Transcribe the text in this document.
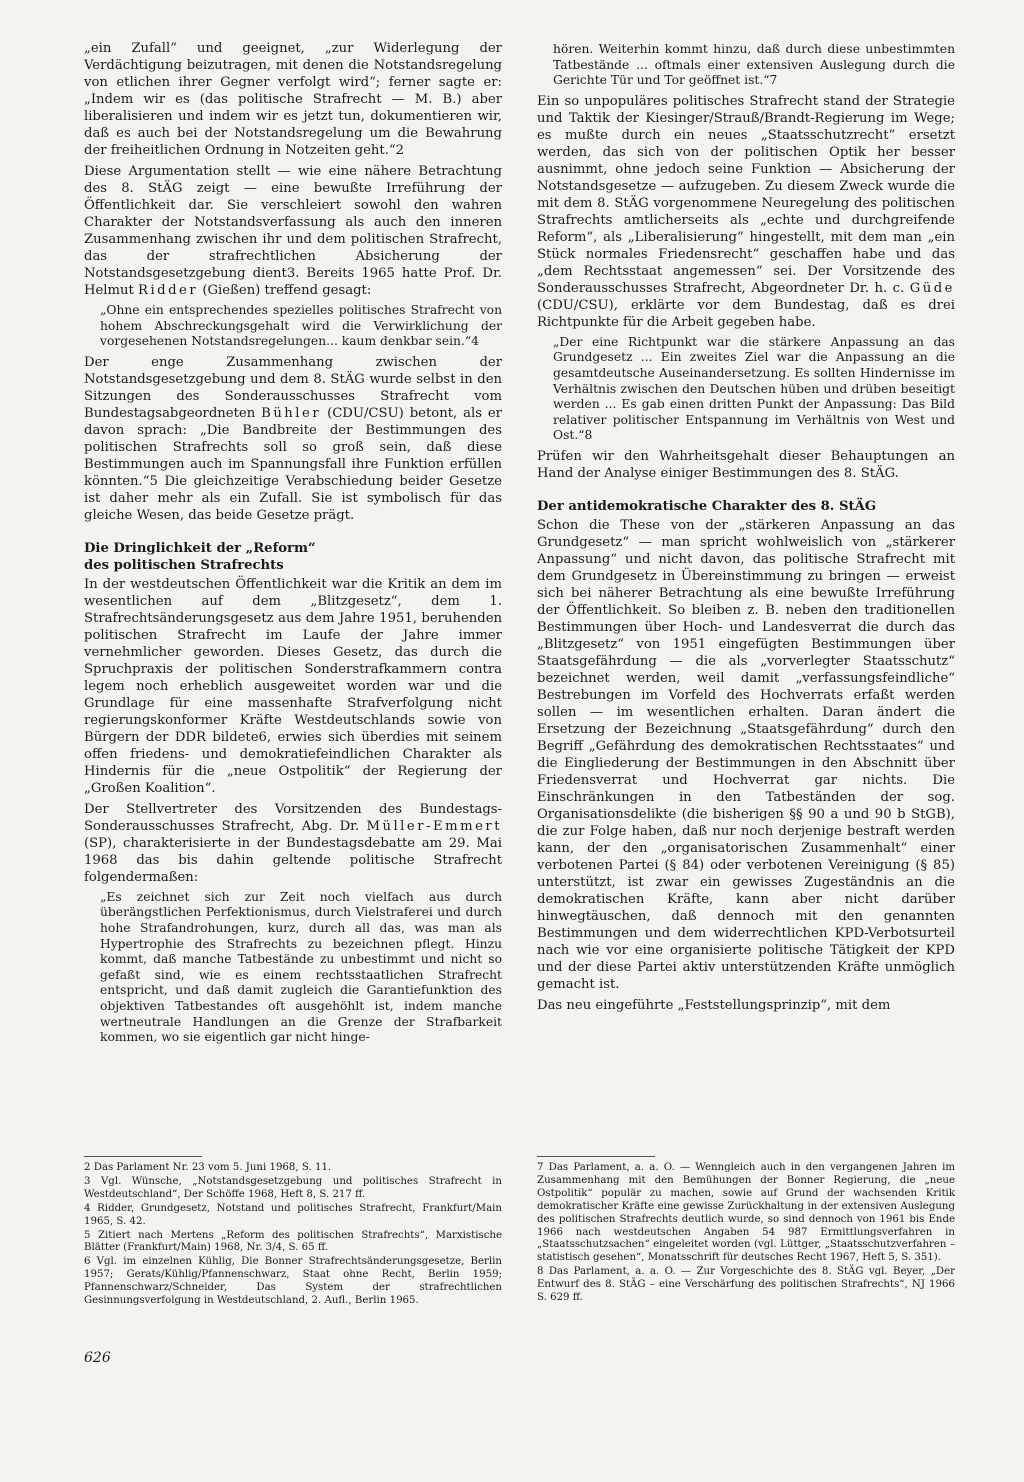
„ein Zufall“ und geeignet, „zur Widerlegung der Verdächtigung beizutragen, mit denen die Notstandsregelung von etlichen ihrer Gegner verfolgt wird“; ferner sagte er: „Indem wir es (das politische Strafrecht — M. B.) aber liberalisieren und indem wir es jetzt tun, dokumentieren wir, daß es auch bei der Notstandsregelung um die Bewahrung der freiheitlichen Ordnung in Notzeiten geht.“2

Diese Argumentation stellt — wie eine nähere Betrachtung des 8. StÄG zeigt — eine bewußte Irreführung der Öffentlichkeit dar. Sie verschleiert sowohl den wahren Charakter der Notstandsverfassung als auch den inneren Zusammenhang zwischen ihr und dem politischen Strafrecht, das der strafrechtlichen Absicherung der Notstandsgesetzgebung dient3. Bereits 1965 hatte Prof. Dr. Helmut Ridder (Gießen) treffend gesagt:

„Ohne ein entsprechendes spezielles politisches Strafrecht von hohem Abschreckungsgehalt wird die Verwirklichung der vorgesehenen Notstandsregelungen... kaum denkbar sein.“4

Der enge Zusammenhang zwischen der Notstandsgesetzgebung und dem 8. StÄG wurde selbst in den Sitzungen des Sonderausschusses Strafrecht vom Bundestagsabgeordneten Bühler (CDU/CSU) betont, als er davon sprach: „Die Bandbreite der Bestimmungen des politischen Strafrechts soll so groß sein, daß diese Bestimmungen auch im Spannungsfall ihre Funktion erfüllen könnten.“5 Die gleichzeitige Verabschiedung beider Gesetze ist daher mehr als ein Zufall. Sie ist symbolisch für das gleiche Wesen, das beide Gesetze prägt.

Die Dringlichkeit der „Reform“
des politischen Strafrechts

In der westdeutschen Öffentlichkeit war die Kritik an dem im wesentlichen auf dem „Blitzgesetz“, dem 1. Strafrechtsänderungsgesetz aus dem Jahre 1951, beruhenden politischen Strafrecht im Laufe der Jahre immer vernehmlicher geworden. Dieses Gesetz, das durch die Spruchpraxis der politischen Sonderstrafkammern contra legem noch erheblich ausgeweitet worden war und die Grundlage für eine massenhafte Strafverfolgung nicht regierungskonformer Kräfte Westdeutschlands sowie von Bürgern der DDR bildete6, erwies sich überdies mit seinem offen friedens- und demokratiefeindlichen Charakter als Hindernis für die „neue Ostpolitik“ der Regierung der „Großen Koalition“.

Der Stellvertreter des Vorsitzenden des Bundestags-Sonderausschusses Strafrecht, Abg. Dr. Müller-Emmert (SP), charakterisierte in der Bundestagsdebatte am 29. Mai 1968 das bis dahin geltende politische Strafrecht folgendermaßen:

„Es zeichnet sich zur Zeit noch vielfach aus durch überängstlichen Perfektionismus, durch Vielstraferei und durch hohe Strafandrohungen, kurz, durch all das, was man als Hypertrophie des Strafrechts zu bezeichnen pflegt. Hinzu kommt, daß manche Tatbestände zu unbestimmt und nicht so gefaßt sind, wie es einem rechtsstaatlichen Strafrecht entspricht, und daß damit zugleich die Garantiefunktion des objektiven Tatbestandes oft ausgehöhlt ist, indem manche wertneutrale Handlungen an die Grenze der Strafbarkeit kommen, wo sie eigentlich gar nicht hinge-

hören. Weiterhin kommt hinzu, daß durch diese unbestimmten Tatbestände ... oftmals einer extensiven Auslegung durch die Gerichte Tür und Tor geöffnet ist.“7

Ein so unpopuläres politisches Strafrecht stand der Strategie und Taktik der Kiesinger/Strauß/Brandt-Regierung im Wege; es mußte durch ein neues „Staatsschutzrecht“ ersetzt werden, das sich von der politischen Optik her besser ausnimmt, ohne jedoch seine Funktion — Absicherung der Notstandsgesetze — aufzugeben. Zu diesem Zweck wurde die mit dem 8. StÄG vorgenommene Neuregelung des politischen Strafrechts amtlicherseits als „echte und durchgreifende Reform“, als „Liberalisierung“ hingestellt, mit dem man „ein Stück normales Friedensrecht“ geschaffen habe und das „dem Rechtsstaat angemessen“ sei. Der Vorsitzende des Sonderausschusses Strafrecht, Abgeordneter Dr. h. c. Güde (CDU/CSU), erklärte vor dem Bundestag, daß es drei Richtpunkte für die Arbeit gegeben habe.

„Der eine Richtpunkt war die stärkere Anpassung an das Grundgesetz ... Ein zweites Ziel war die Anpassung an die gesamtdeutsche Auseinandersetzung. Es sollten Hindernisse im Verhältnis zwischen den Deutschen hüben und drüben beseitigt werden ... Es gab einen dritten Punkt der Anpassung: Das Bild relativer politischer Entspannung im Verhältnis von West und Ost.“8

Prüfen wir den Wahrheitsgehalt dieser Behauptungen an Hand der Analyse einiger Bestimmungen des 8. StÄG.

Der antidemokratische Charakter des 8. StÄG

Schon die These von der „stärkeren Anpassung an das Grundgesetz“ — man spricht wohlweislich von „stärkerer Anpassung“ und nicht davon, das politische Strafrecht mit dem Grundgesetz in Übereinstimmung zu bringen — erweist sich bei näherer Betrachtung als eine bewußte Irreführung der Öffentlichkeit. So bleiben z. B. neben den traditionellen Bestimmungen über Hoch- und Landesverrat die durch das „Blitzgesetz“ von 1951 eingefügten Bestimmungen über Staatsgefährdung — die als „vorverlegter Staatsschutz“ bezeichnet werden, weil damit „verfassungsfeindliche“ Bestrebungen im Vorfeld des Hochverrats erfaßt werden sollen — im wesentlichen erhalten. Daran ändert die Ersetzung der Bezeichnung „Staatsgefährdung“ durch den Begriff „Gefährdung des demokratischen Rechtsstaates“ und die Eingliederung der Bestimmungen in den Abschnitt über Friedensverrat und Hochverrat gar nichts. Die Einschränkungen in den Tatbeständen der sog. Organisationsdelikte (die bisherigen §§ 90 a und 90 b StGB), die zur Folge haben, daß nur noch derjenige bestraft werden kann, der den „organisatorischen Zusammenhalt“ einer verbotenen Partei (§ 84) oder verbotenen Vereinigung (§ 85) unterstützt, ist zwar ein gewisses Zugeständnis an die demokratischen Kräfte, kann aber nicht darüber hinwegtäuschen, daß dennoch mit den genannten Bestimmungen und dem widerrechtlichen KPD-Verbotsurteil nach wie vor eine organisierte politische Tätigkeit der KPD und der diese Partei aktiv unterstützenden Kräfte unmöglich gemacht ist.

Das neu eingeführte „Feststellungsprinzip“, mit dem

2 Das Parlament Nr. 23 vom 5. Juni 1968, S. 11.

3 Vgl. Wünsche, „Notstandsgesetzgebung und politisches Strafrecht in Westdeutschland“, Der Schöffe 1968, Heft 8, S. 217 ff.

4 Ridder, Grundgesetz, Notstand und politisches Strafrecht, Frankfurt/Main 1965, S. 42.

5 Zitiert nach Mertens „Reform des politischen Strafrechts“, Marxistische Blätter (Frankfurt/Main) 1968, Nr. 3/4, S. 65 ff.

6 Vgl. im einzelnen Kühlig, Die Bonner Strafrechtsänderungsgesetze, Berlin 1957; Gerats/Kühlig/Pfannenschwarz, Staat ohne Recht, Berlin 1959; Pfannenschwarz/Schneider, Das System der strafrechtlichen Gesinnungsverfolgung in Westdeutschland, 2. Aufl., Berlin 1965.

7 Das Parlament, a. a. O. — Wenngleich auch in den vergangenen Jahren im Zusammenhang mit den Bemühungen der Bonner Regierung, die „neue Ostpolitik“ populär zu machen, sowie auf Grund der wachsenden Kritik demokratischer Kräfte eine gewisse Zurückhaltung in der extensiven Auslegung des politischen Strafrechts deutlich wurde, so sind dennoch von 1961 bis Ende 1966 nach westdeutschen Angaben 54 987 Ermittlungsverfahren in „Staatsschutzsachen“ eingeleitet worden (vgl. Lüttger, „Staatsschutzverfahren – statistisch gesehen“, Monatsschrift für deutsches Recht 1967, Heft 5, S. 351).

8 Das Parlament, a. a. O. — Zur Vorgeschichte des 8. StÄG vgl. Beyer, „Der Entwurf des 8. StÄG – eine Verschärfung des politischen Strafrechts“, NJ 1966 S. 629 ff.

626
